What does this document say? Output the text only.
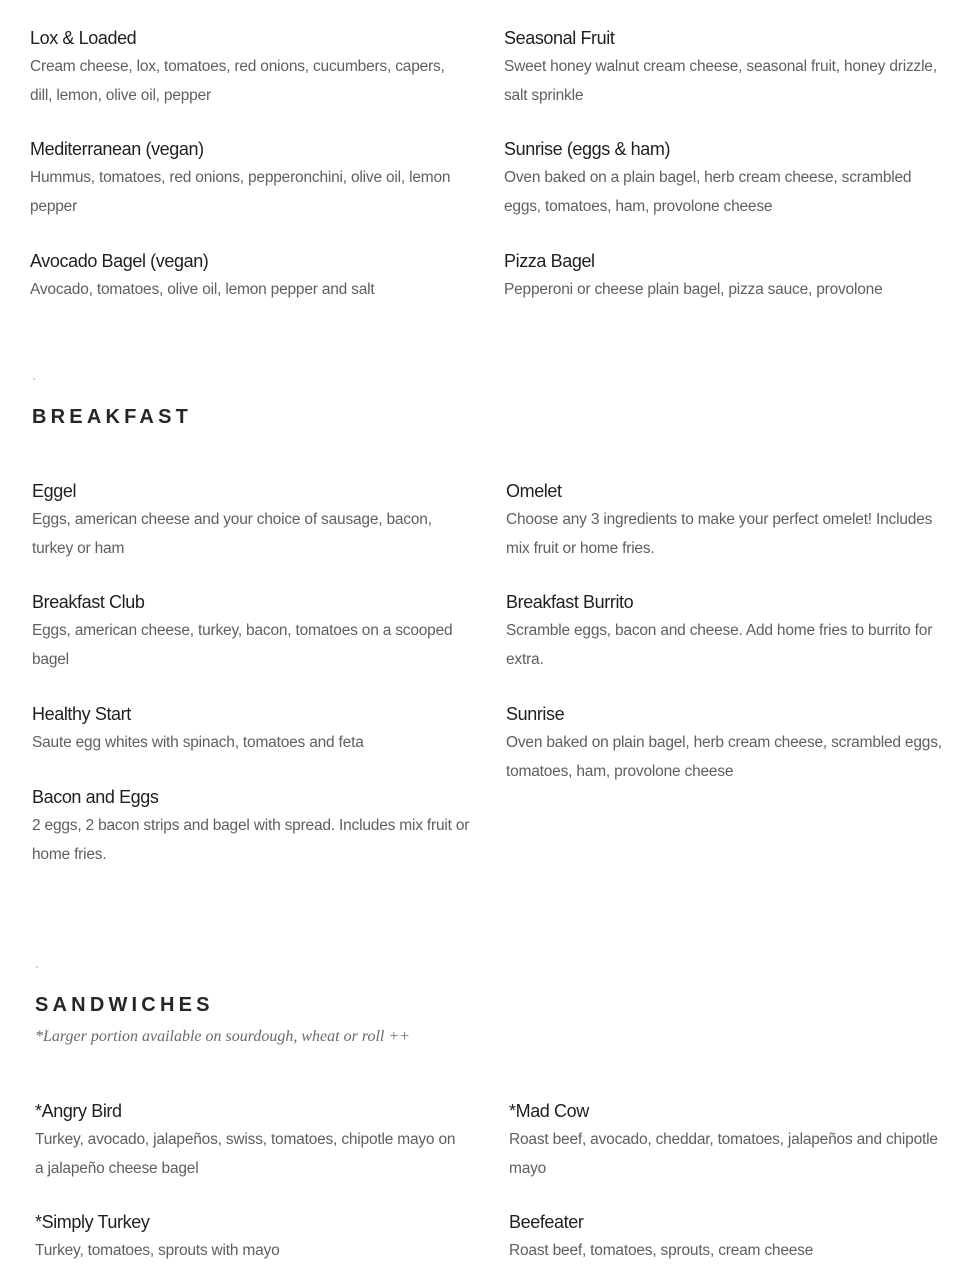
Lox & Loaded
Cream cheese, lox, tomatoes, red onions, cucumbers, capers, dill, lemon, olive oil, pepper
Seasonal Fruit
Sweet honey walnut cream cheese, seasonal fruit, honey drizzle, salt sprinkle
Mediterranean (vegan)
Hummus, tomatoes, red onions, pepperonchini, olive oil, lemon pepper
Sunrise (eggs & ham)
Oven baked on a plain bagel, herb cream cheese, scrambled eggs, tomatoes, ham, provolone cheese
Avocado Bagel (vegan)
Avocado, tomatoes, olive oil, lemon pepper and salt
Pizza Bagel
Pepperoni or cheese plain bagel, pizza sauce, provolone
BREAKFAST
Eggel
Eggs, american cheese and your choice of sausage, bacon, turkey or ham
Omelet
Choose any 3 ingredients to make your perfect omelet! Includes mix fruit or home fries.
Breakfast Club
Eggs, american cheese, turkey, bacon, tomatoes on a scooped bagel
Breakfast Burrito
Scramble eggs, bacon and cheese. Add home fries to burrito for extra.
Healthy Start
Saute egg whites with spinach, tomatoes and feta
Sunrise
Oven baked on plain bagel, herb cream cheese, scrambled eggs, tomatoes, ham, provolone cheese
Bacon and Eggs
2 eggs, 2 bacon strips and bagel with spread. Includes mix fruit or home fries.
SANDWICHES
*Larger portion available on sourdough, wheat or roll ++
*Angry Bird
Turkey, avocado, jalapeños, swiss, tomatoes, chipotle mayo on a jalapeño cheese bagel
*Mad Cow
Roast beef, avocado, cheddar, tomatoes, jalapeños and chipotle mayo
*Simply Turkey
Turkey, tomatoes, sprouts with mayo
Beefeater
Roast beef, tomatoes, sprouts, cream cheese
